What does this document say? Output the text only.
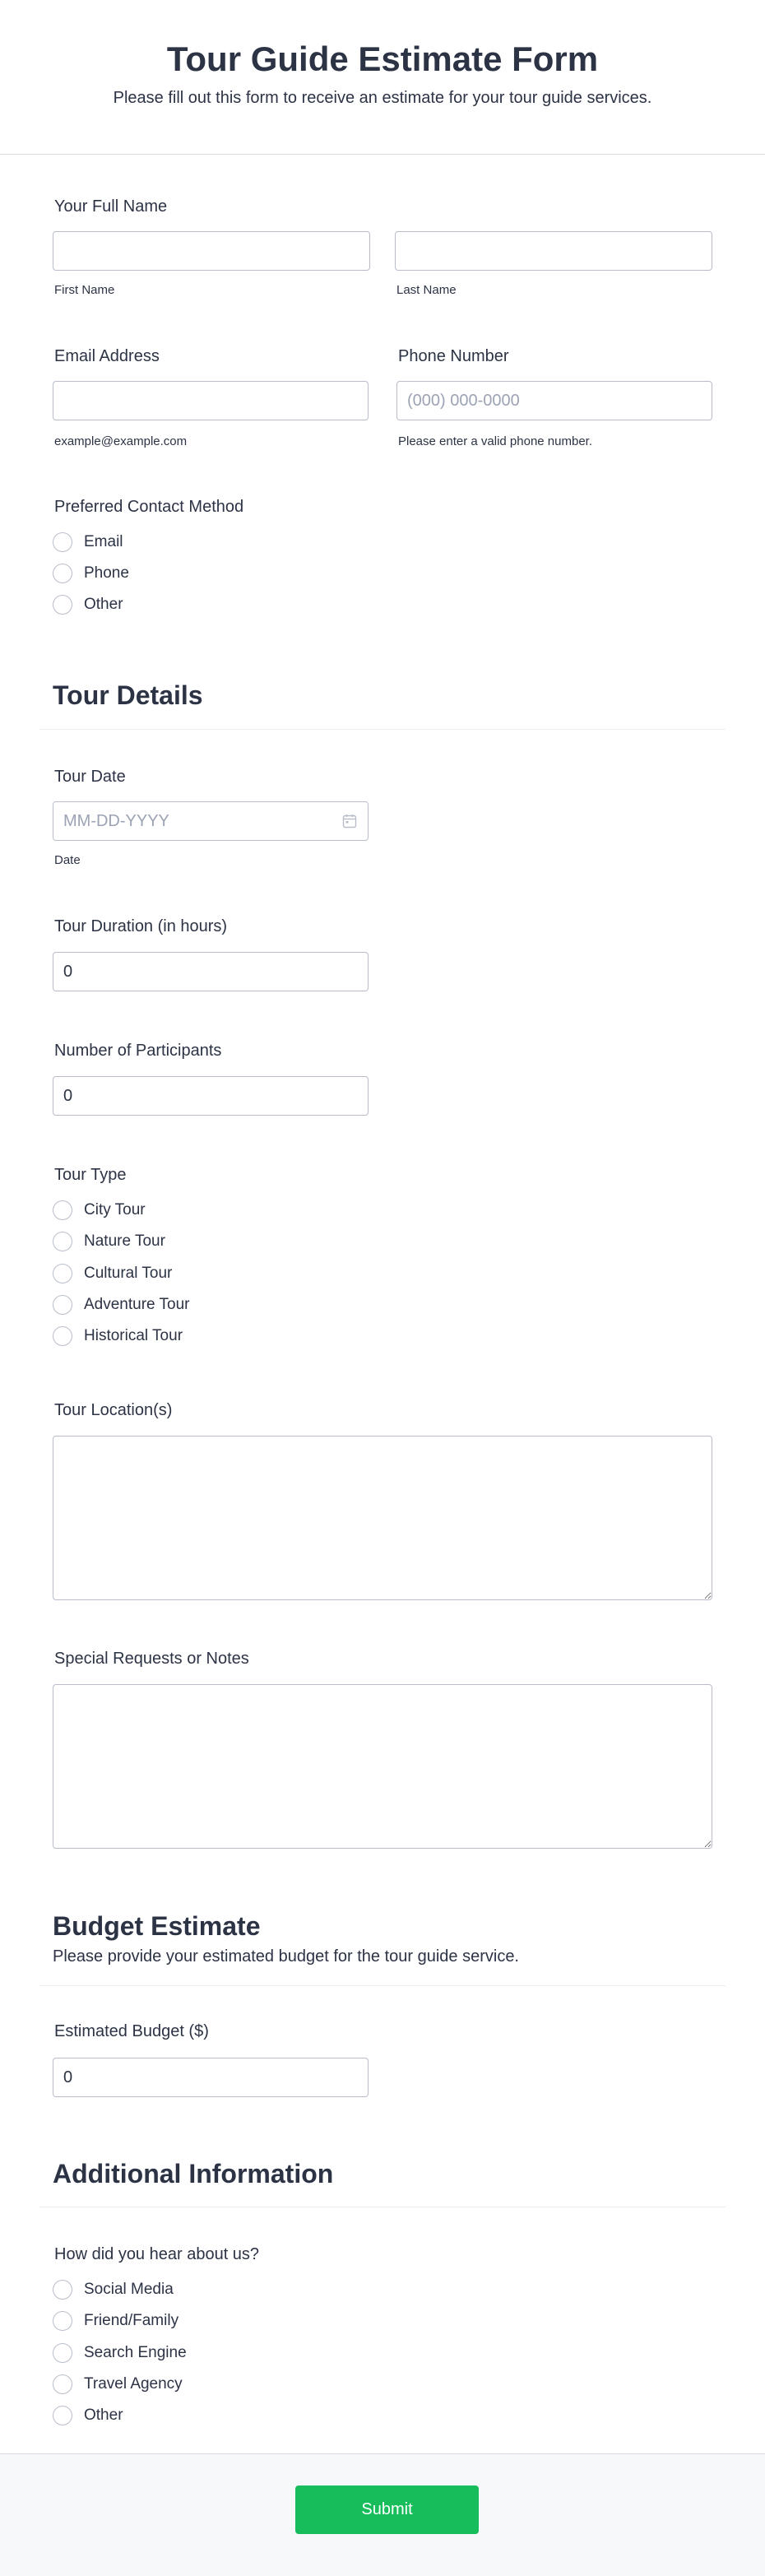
Tour Guide Estimate Form
Please fill out this form to receive an estimate for your tour guide services.
Your Full Name
First Name	Last Name
Email Address
example@example.com
Phone Number
(000) 000-0000
Please enter a valid phone number.
Preferred Contact Method
Email
Phone
Other
Tour Details
Tour Date
MM-DD-YYYY
Date
Tour Duration (in hours)
0
Number of Participants
0
Tour Type
City Tour
Nature Tour
Cultural Tour
Adventure Tour
Historical Tour
Tour Location(s)
Special Requests or Notes
Budget Estimate
Please provide your estimated budget for the tour guide service.
Estimated Budget ($)
0
Additional Information
How did you hear about us?
Social Media
Friend/Family
Search Engine
Travel Agency
Other
Submit
